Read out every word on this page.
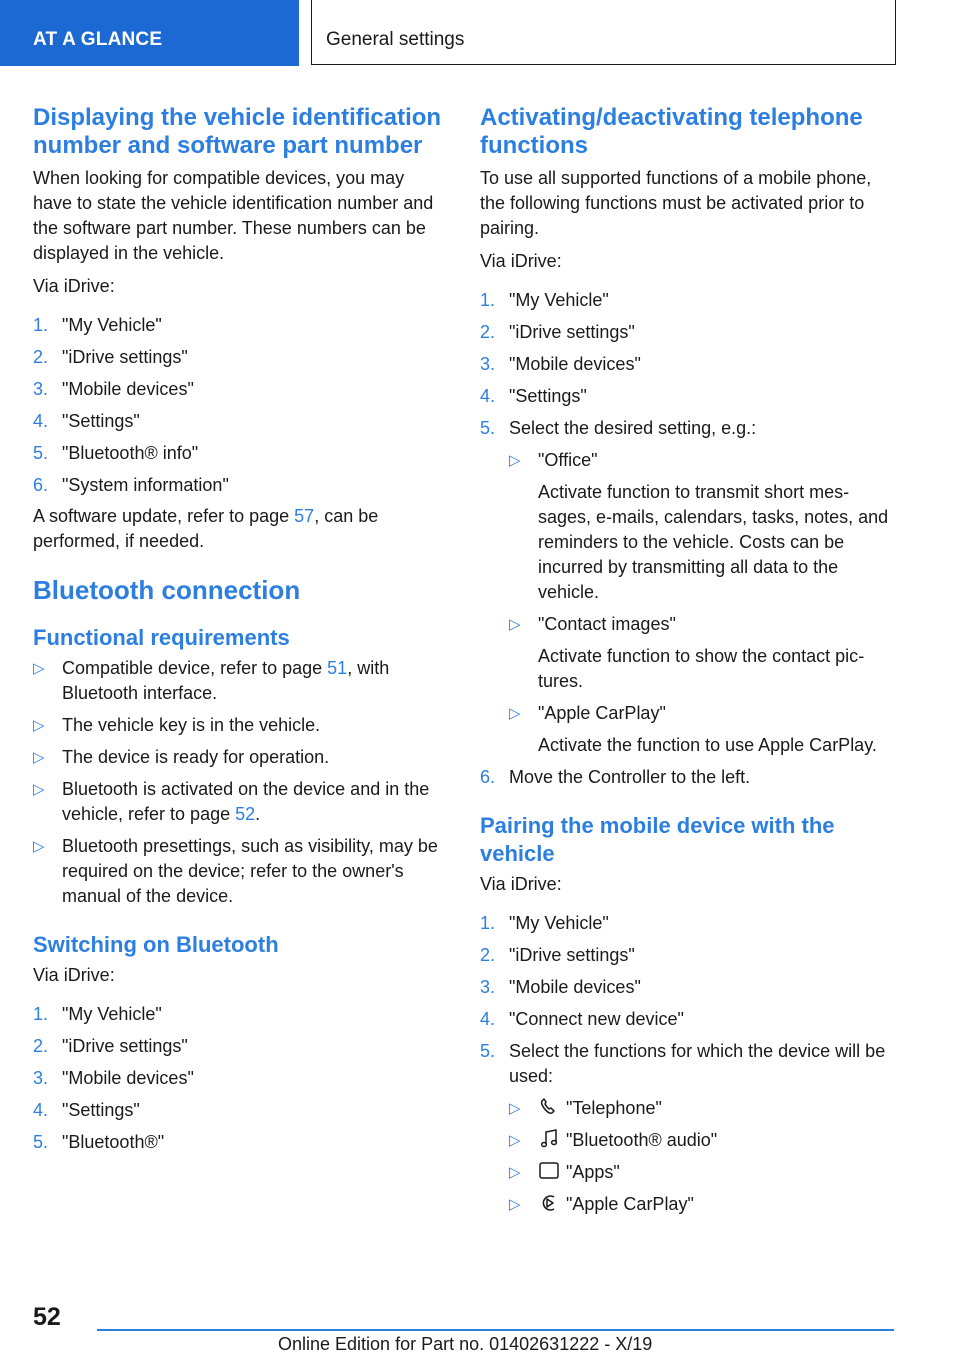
AT A GLANCE	General settings
Displaying the vehicle identification number and software part number

When looking for compatible devices, you may have to state the vehicle identification number and the software part number. These numbers can be displayed in the vehicle.

Via iDrive:

1. "My Vehicle"
2. "iDrive settings"
3. "Mobile devices"
4. "Settings"
5. "Bluetooth® info"
6. "System information"

A software update, refer to page 57, can be performed, if needed.

Bluetooth connection
Functional requirements
▷ Compatible device, refer to page 51, with Bluetooth interface.
▷ The vehicle key is in the vehicle.
▷ The device is ready for operation.
▷ Bluetooth is activated on the device and in the vehicle, refer to page 52.
▷ Bluetooth presettings, such as visibility, may be required on the device; refer to the owner's manual of the device.
Switching on Bluetooth

Via iDrive:

1. "My Vehicle"
2. "iDrive settings"
3. "Mobile devices"
4. "Settings"
5. "Bluetooth®"
Activating/deactivating telephone functions

To use all supported functions of a mobile phone, the following functions must be activated prior to pairing.

Via iDrive:

1. "My Vehicle"
2. "iDrive settings"
3. "Mobile devices"
4. "Settings"
5. Select the desired setting, e.g.:
▷ "Office"
Activate function to transmit short messages, e-mails, calendars, tasks, notes, and reminders to the vehicle. Costs can be incurred by transmitting all data to the vehicle.
▷ "Contact images"
Activate function to show the contact pictures.
▷ "Apple CarPlay"
Activate the function to use Apple CarPlay.
6. Move the Controller to the left.
Pairing the mobile device with the vehicle

Via iDrive:

1. "My Vehicle"
2. "iDrive settings"
3. "Mobile devices"
4. "Connect new device"
5. Select the functions for which the device will be used:
▷	"Telephone"
▷	"Bluetooth® audio"
▷	"Apps"
▷	"Apple CarPlay"
52
Online Edition for Part no. 01402631222 - X/19
